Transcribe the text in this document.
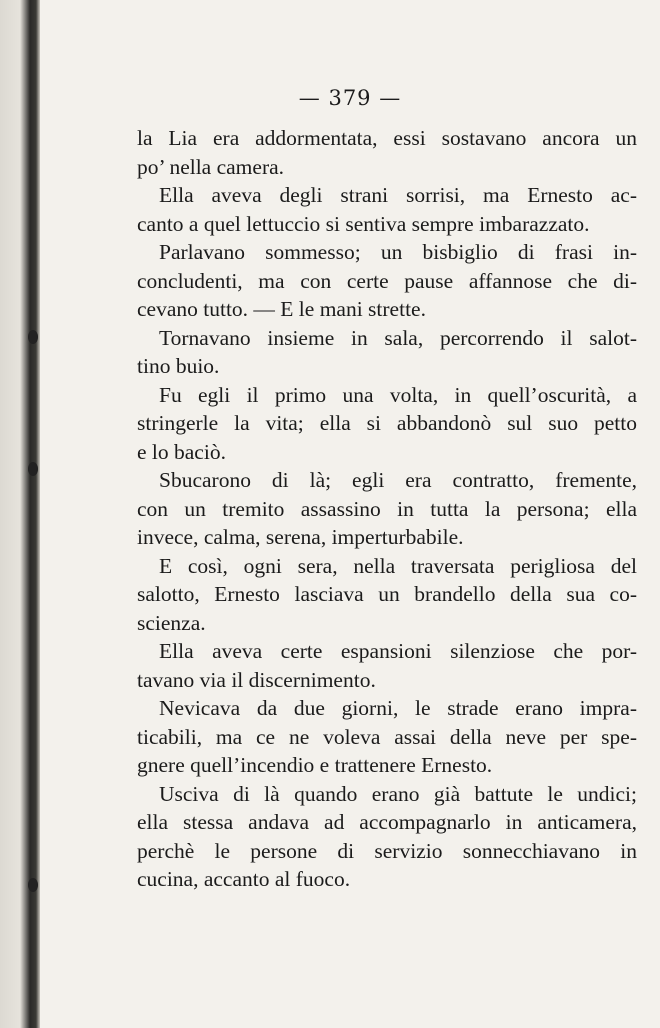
— 379 —
la Lia era addormentata, essi sostavano ancora un
po’ nella camera.
Ella aveva degli strani sorrisi, ma Ernesto ac-
canto a quel lettuccio si sentiva sempre imbarazzato.
Parlavano sommesso; un bisbiglio di frasi in-
concludenti, ma con certe pause affannose che di-
cevano tutto. — E le mani strette.
Tornavano insieme in sala, percorrendo il salot-
tino buio.
Fu egli il primo una volta, in quell’oscurità, a
stringerle la vita; ella si abbandonò sul suo petto
e lo baciò.
Sbucarono di là; egli era contratto, fremente,
con un tremito assassino in tutta la persona; ella
invece, calma, serena, imperturbabile.
E così, ogni sera, nella traversata perigliosa del
salotto, Ernesto lasciava un brandello della sua co-
scienza.
Ella aveva certe espansioni silenziose che por-
tavano via il discernimento.
Nevicava da due giorni, le strade erano impra-
ticabili, ma ce ne voleva assai della neve per spe-
gnere quell’incendio e trattenere Ernesto.
Usciva di là quando erano già battute le undici;
ella stessa andava ad accompagnarlo in anticamera,
perchè le persone di servizio sonnecchiavano in
cucina, accanto al fuoco.
